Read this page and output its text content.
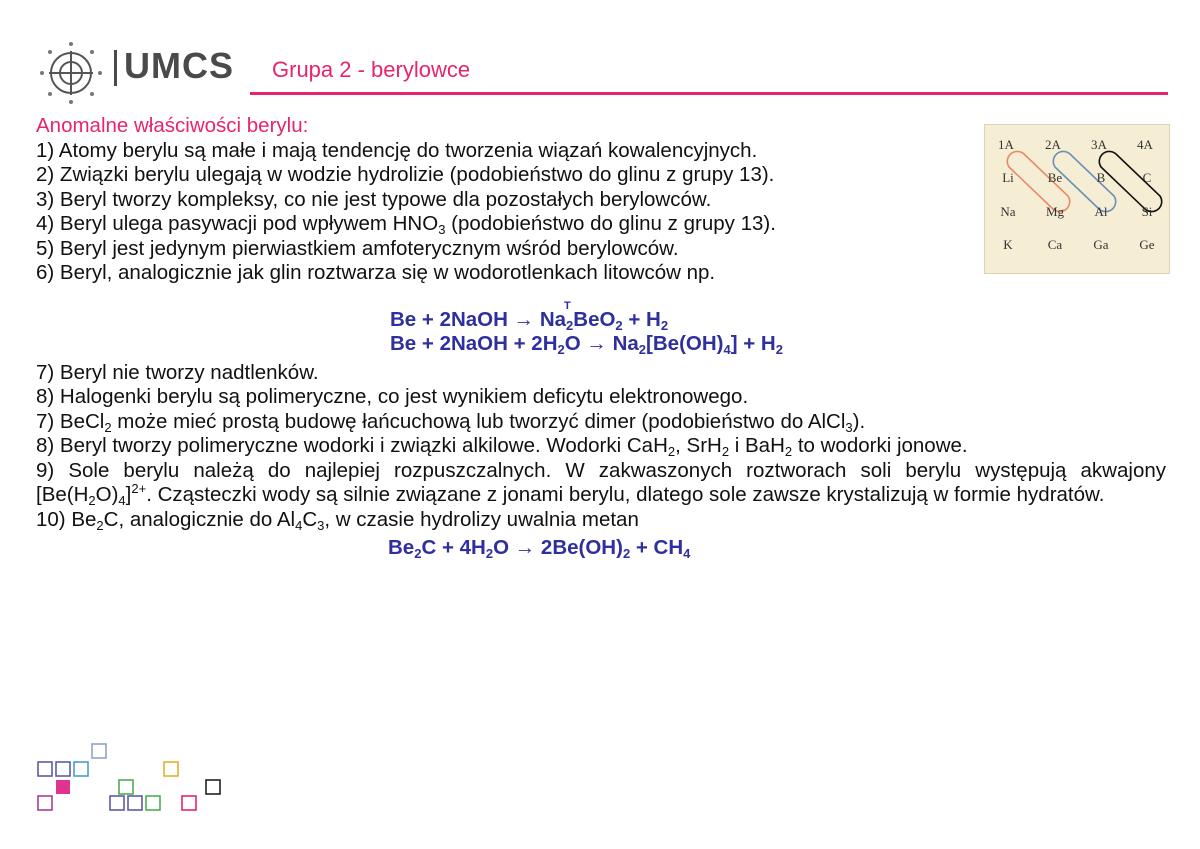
UMCS Grupa 2 - berylowce
1A 2A 3A 4A
Li	Be	B	C
Na Mg Al	Si
K	Ca Ga Ge

Anomalne właściwości berylu:

1) Atomy berylu są małe i mają tendencję do tworzenia wiązań kowalencyjnych.

2) Związki berylu ulegają w wodzie hydrolizie (podobieństwo do glinu z grupy 13).

3) Beryl tworzy kompleksy, co nie jest typowe dla pozostałych berylowców.

4) Beryl ulega pasywacji pod wpływem $HNO_3$ (podobieństwo do glinu z grupy 13).

5) Beryl jest jedynym pierwiastkiem amfoterycznym wśród berylowców.

6) Beryl, analogicznie jak glin roztwarza się w wodorotlenkach litowców np.

T
Be + 2NaOH → $Na_2BeO_2 + H_2$
Be + 2NaOH + $2H_2O \to Na_2[Be(OH)_4] + H_2$

7) Beryl nie tworzy nadtlenków.

8) Halogenki berylu są polimeryczne, co jest wynikiem deficytu elektronowego.

7) BeCl$_2$ może mieć prostą budowę łańcuchową lub tworzyć dimer (podobieństwo do AlCl$_3$).

8) Beryl tworzy polimeryczne wodorki i związki alkilowe. Wodorki CaH$_2$, SrH$_2$ i BaH$_2$ to wodorki jonowe.

9) Sole berylu należą do najlepiej rozpuszczalnych. W zakwaszonych roztworach soli berylu występują akwajony $[Be(H_2O)_4]^{2+}$. Cząsteczki wody są silnie związane z jonami berylu, dlatego sole zawsze krystalizują w formie hydratów.

10) $Be_2C$, analogicznie do $Al_4C_3$, w czasie hydrolizy uwalnia metan

$Be_2C + 4H_2O \to 2Be(OH)_2 + CH_4$
